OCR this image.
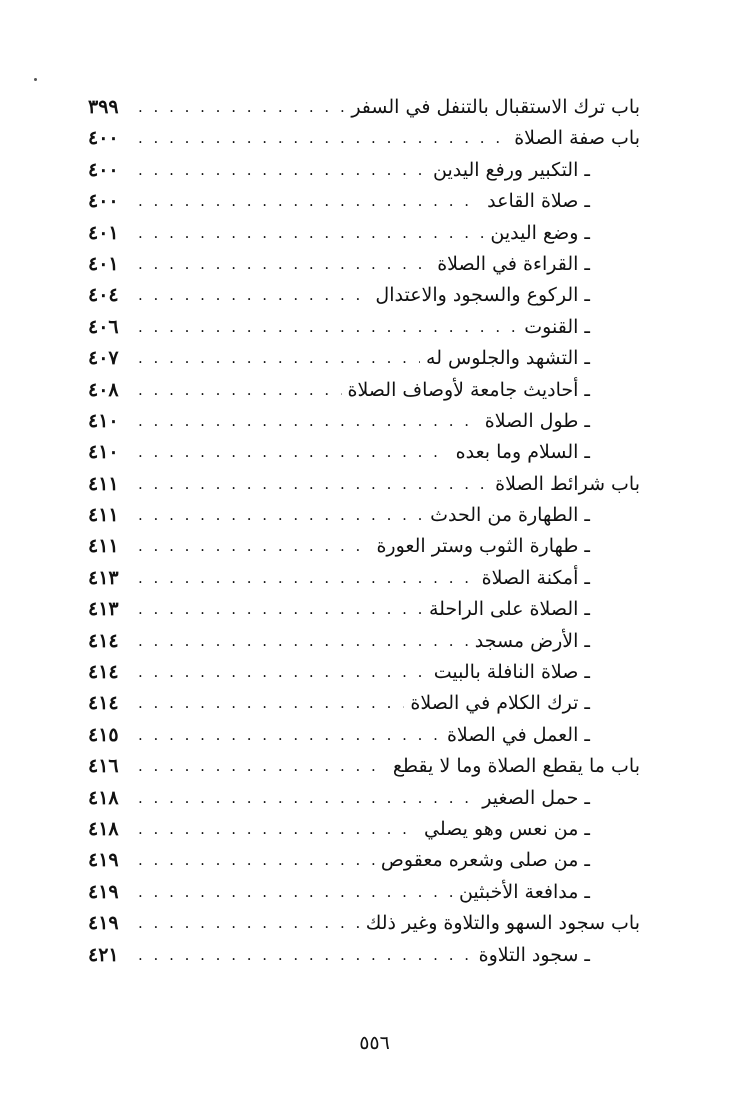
باب ترك الاستقبال بالتنفل في السفر
. . .
٣٩٩
باب صفة الصلاة
. . .
٤٠٠
ـ التكبير ورفع اليدين
. . .
٤٠٠
ـ صلاة القاعد
. . .
٤٠٠
ـ وضع اليدين
. . .
٤٠١
ـ القراءة في الصلاة
. . .
٤٠١
ـ الركوع والسجود والاعتدال
. . .
٤٠٤
ـ القنوت
. . .
٤٠٦
ـ التشهد والجلوس له
. . .
٤٠٧
ـ أحاديث جامعة لأوصاف الصلاة
. . .
٤٠٨
ـ طول الصلاة
. . .
٤١٠
ـ السلام وما بعده
. . .
٤١٠
باب شرائط الصلاة
. . .
٤١١
ـ الطهارة من الحدث
. . .
٤١١
ـ طهارة الثوب وستر العورة
. . .
٤١١
ـ أمكنة الصلاة
. . .
٤١٣
ـ الصلاة على الراحلة
. . .
٤١٣
ـ الأرض مسجد
. . .
٤١٤
ـ صلاة النافلة بالبيت
. . .
٤١٤
ـ ترك الكلام في الصلاة
. . .
٤١٤
ـ العمل في الصلاة
. . .
٤١٥
باب ما يقطع الصلاة وما لا يقطع
. . .
٤١٦
ـ حمل الصغير
. . .
٤١٨
ـ من نعس وهو يصلي
. . .
٤١٨
ـ من صلى وشعره معقوص
. . .
٤١٩
ـ مدافعة الأخبثين
. . .
٤١٩
باب سجود السهو والتلاوة وغير ذلك
. . .
٤١٩
ـ سجود التلاوة
. . .
٤٢١
٥٥٦
